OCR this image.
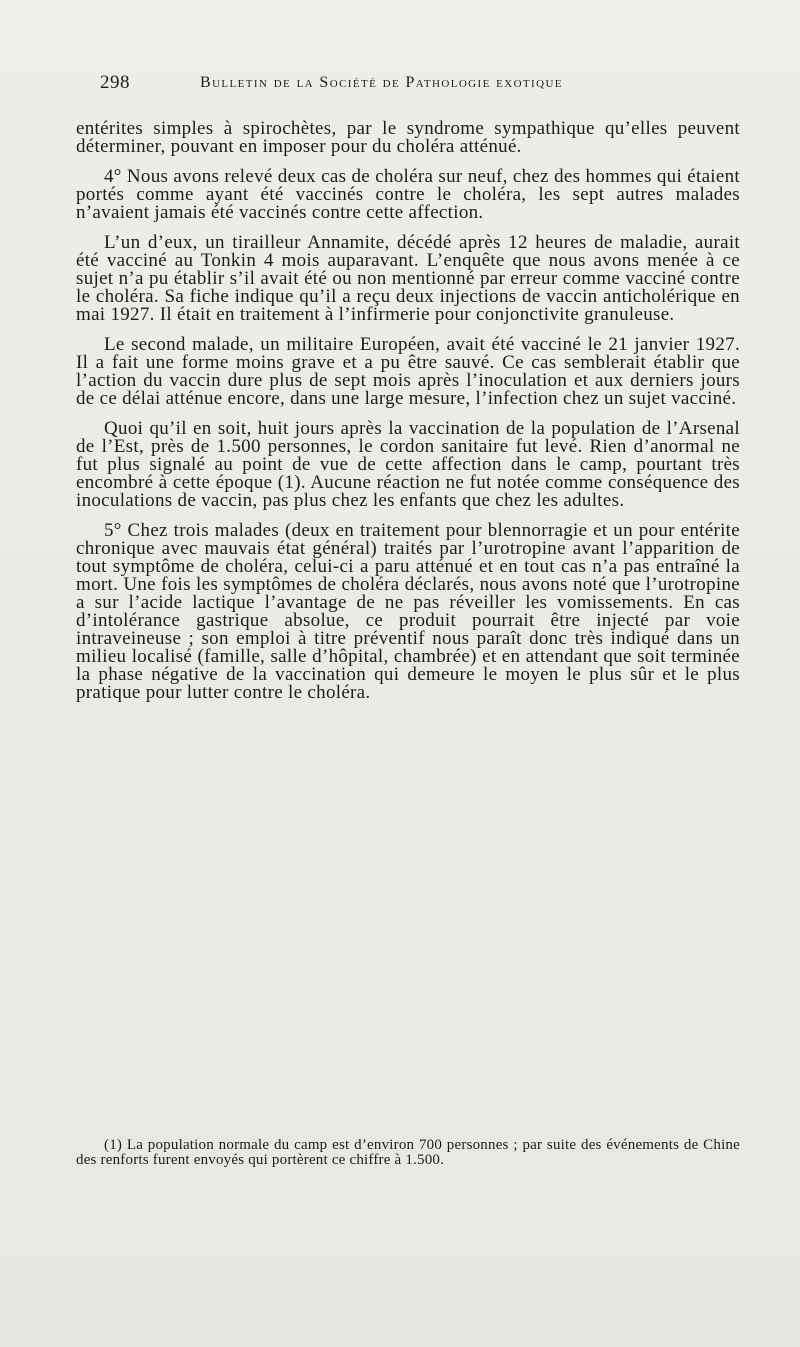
298	Bulletin de la Société de Pathologie exotique

entérites simples à spirochètes, par le syndrome sympathique qu’elles peuvent déterminer, pouvant en imposer pour du choléra atténué.

4° Nous avons relevé deux cas de choléra sur neuf, chez des hommes qui étaient portés comme ayant été vaccinés contre le choléra, les sept autres malades n’avaient jamais été vaccinés contre cette affection.

L’un d’eux, un tirailleur Annamite, décédé après 12 heures de maladie, aurait été vacciné au Tonkin 4 mois auparavant. L’enquête que nous avons menée à ce sujet n’a pu établir s’il avait été ou non mentionné par erreur comme vacciné contre le choléra. Sa fiche indique qu’il a reçu deux injections de vaccin anticholérique en mai 1927. Il était en traitement à l’infirmerie pour conjonctivite granuleuse.

Le second malade, un militaire Européen, avait été vacciné le 21 janvier 1927. Il a fait une forme moins grave et a pu être sauvé. Ce cas semblerait établir que l’action du vaccin dure plus de sept mois après l’inoculation et aux derniers jours de ce délai atténue encore, dans une large mesure, l’infection chez un sujet vacciné.

Quoi qu’il en soit, huit jours après la vaccination de la population de l’Arsenal de l’Est, près de 1.500 personnes, le cordon sanitaire fut levé. Rien d’anormal ne fut plus signalé au point de vue de cette affection dans le camp, pourtant très encombré à cette époque (1). Aucune réaction ne fut notée comme conséquence des inoculations de vaccin, pas plus chez les enfants que chez les adultes.

5° Chez trois malades (deux en traitement pour blennorragie et un pour entérite chronique avec mauvais état général) traités par l’urotropine avant l’apparition de tout symptôme de choléra, celui-ci a paru atténué et en tout cas n’a pas entraîné la mort. Une fois les symptômes de choléra déclarés, nous avons noté que l’urotropine a sur l’acide lactique l’avantage de ne pas réveiller les vomissements. En cas d’intolérance gastrique absolue, ce produit pourrait être injecté par voie intraveineuse ; son emploi à titre préventif nous paraît donc très indiqué dans un milieu localisé (famille, salle d’hôpital, chambrée) et en attendant que soit terminée la phase négative de la vaccination qui demeure le moyen le plus sûr et le plus pratique pour lutter contre le choléra.

(1) La population normale du camp est d’environ 700 personnes ; par suite des événements de Chine des renforts furent envoyés qui portèrent ce chiffre à 1.500.
